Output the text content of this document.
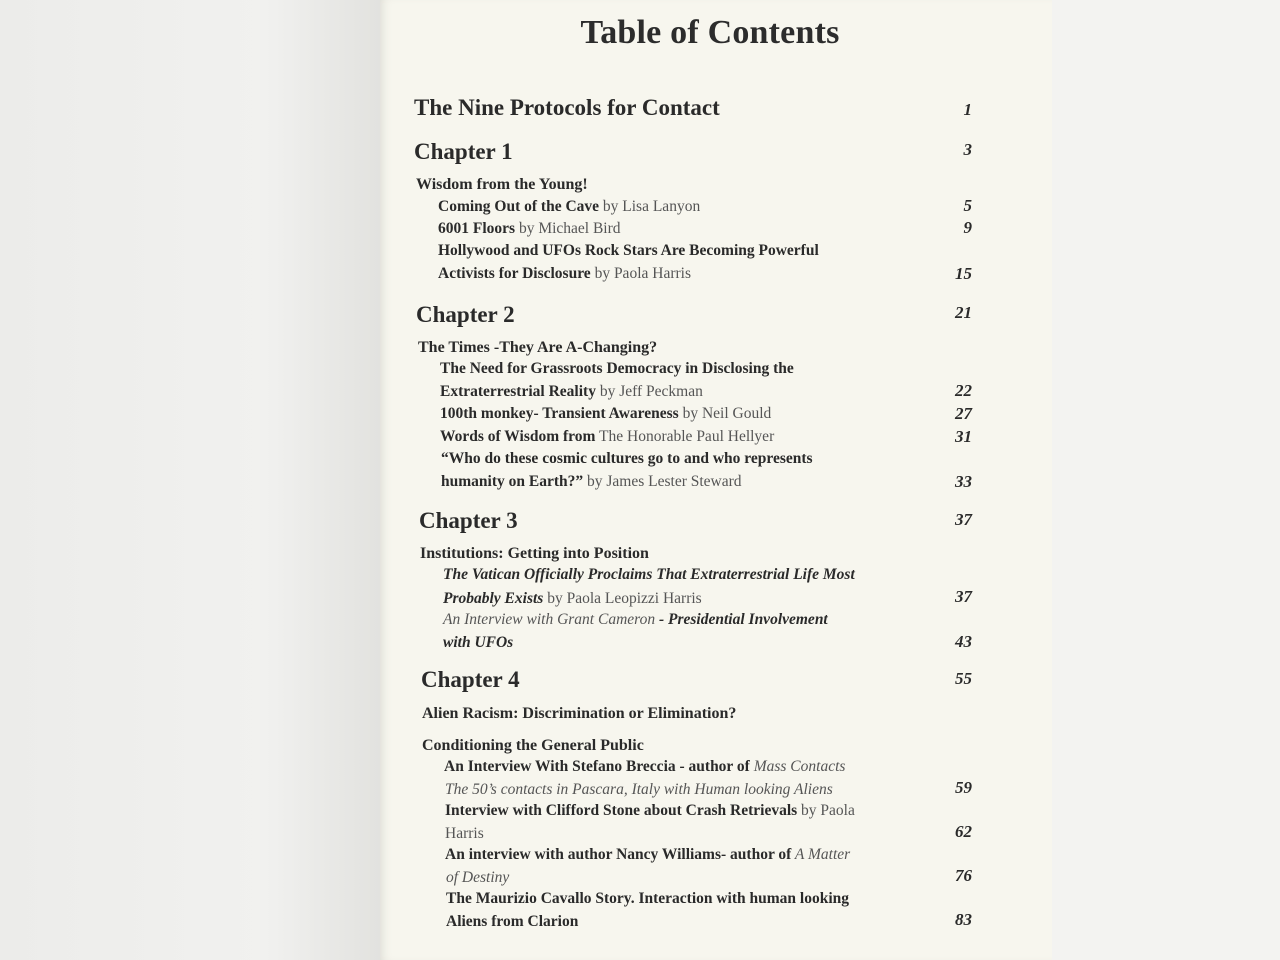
Table of Contents
The Nine Protocols for Contact	1
Chapter 1	3
Wisdom from the Young!
Coming Out of the Cave by Lisa Lanyon	5
6001 Floors by Michael Bird	9
Hollywood and UFOs Rock Stars Are Becoming Powerful
Activists for Disclosure by Paola Harris	15
Chapter 2	21
The Times -They Are A-Changing?
The Need for Grassroots Democracy in Disclosing the
Extraterrestrial Reality by Jeff Peckman	22
100th monkey- Transient Awareness by Neil Gould	27
Words of Wisdom from The Honorable Paul Hellyer	31
“Who do these cosmic cultures go to and who represents
humanity on Earth?” by James Lester Steward	33
Chapter 3	37
Institutions: Getting into Position
The Vatican Officially Proclaims That Extraterrestrial Life Most
Probably Exists by Paola Leopizzi Harris	37
An Interview with Grant Cameron - Presidential Involvement
with UFOs	43
Chapter 4	55
Alien Racism: Discrimination or Elimination?
Conditioning the General Public
An Interview With Stefano Breccia - author of Mass Contacts
The 50’s contacts in Pascara, Italy with Human looking Aliens	59
Interview with Clifford Stone about Crash Retrievals by Paola
Harris	62
An interview with author Nancy Williams- author of A Matter
of Destiny	76
The Maurizio Cavallo Story. Interaction with human looking
Aliens from Clarion	83
